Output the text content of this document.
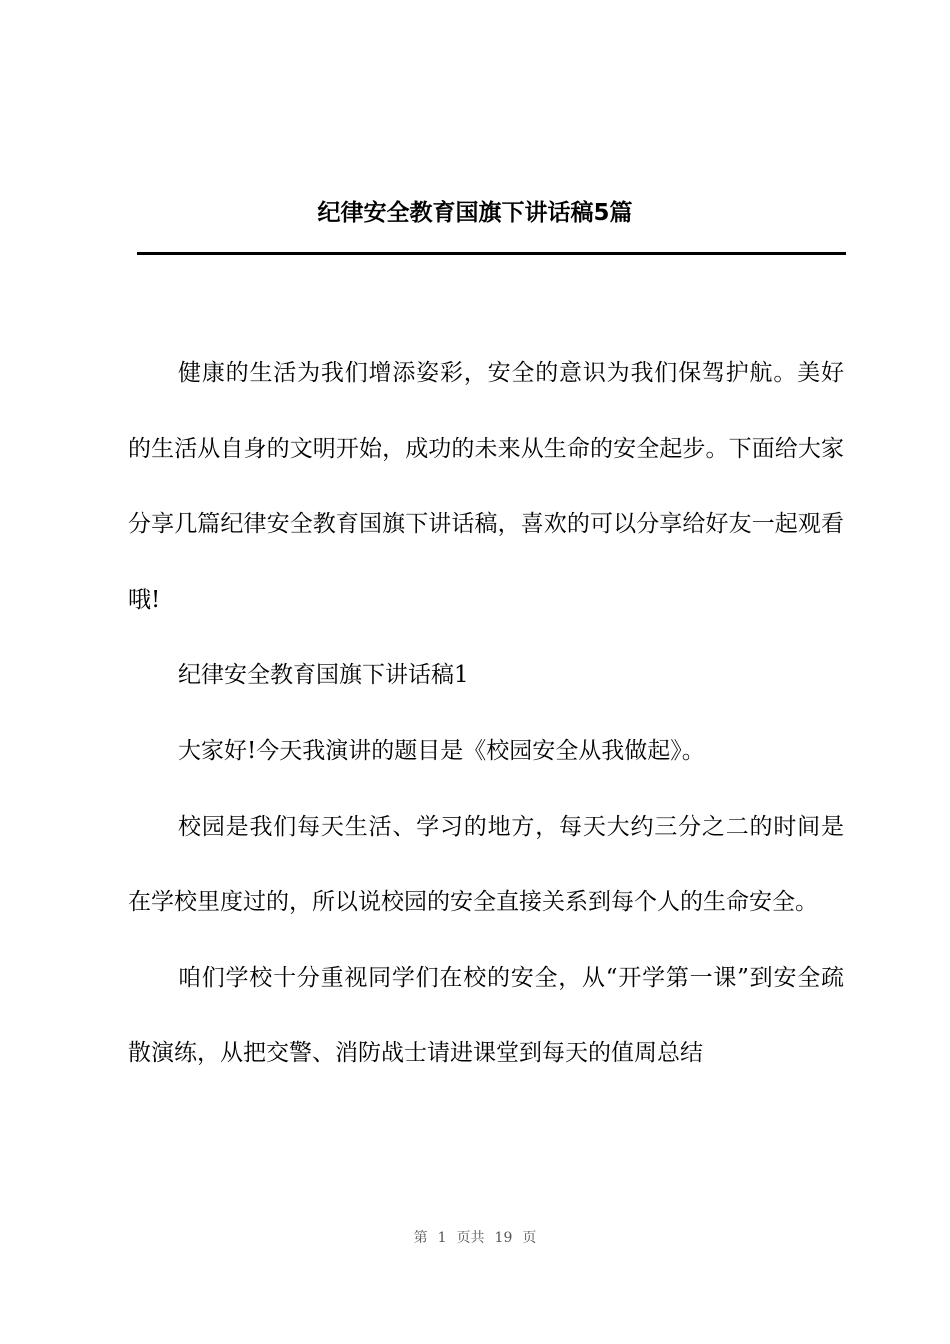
纪律安全教育国旗下讲话稿5篇

健康的生活为我们增添姿彩，安全的意识为我们保驾护航。美好的生活从自身的文明开始，成功的未来从生命的安全起步。下面给大家分享几篇纪律安全教育国旗下讲话稿，喜欢的可以分享给好友一起观看哦!

纪律安全教育国旗下讲话稿1

大家好!今天我演讲的题目是《校园安全从我做起》。

校园是我们每天生活、学习的地方，每天大约三分之二的时间是在学校里度过的，所以说校园的安全直接关系到每个人的生命安全。

咱们学校十分重视同学们在校的安全，从“开学第一课”到安全疏散演练，从把交警、消防战士请进课堂到每天的值周总结

第 1 页共 19 页
